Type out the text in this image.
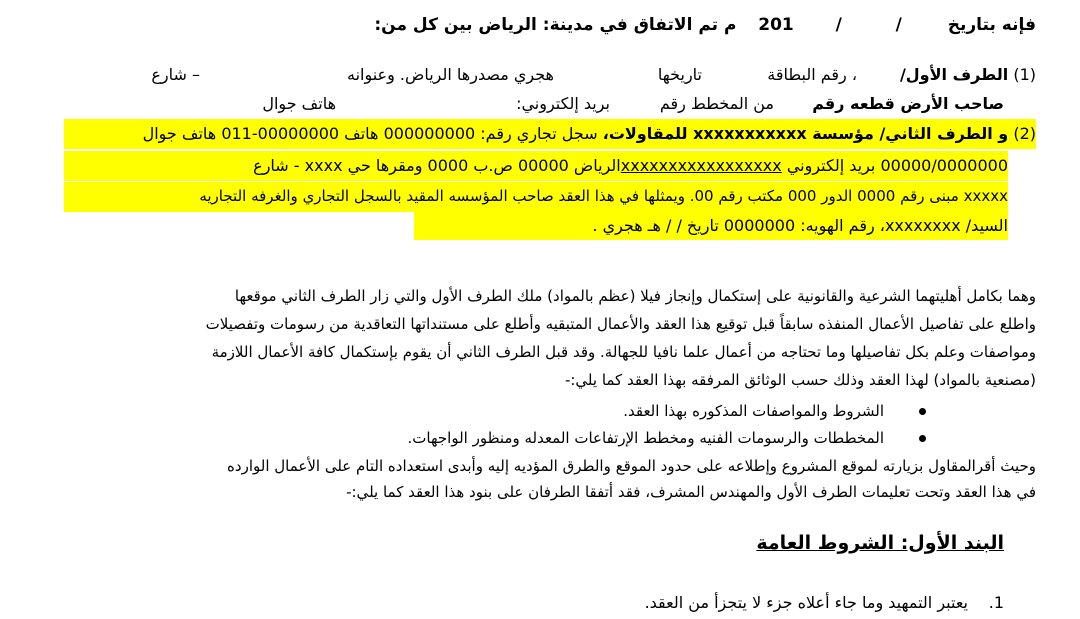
فإنه بتاريخ  /  /  201  م تم الاتفاق في مدينة: الرياض بين كل من:
(1) الطرف الأول/
، رقم البطاقة
تاريخها
هجري مصدرها الرياض. وعنوانه
– شارع
صاحب الأرض قطعه رقم
من المخطط رقم
بريد إلكتروني:
هاتف جوال
(2) و الطرف الثاني/ مؤسسة xxxxxxxxxxx للمقاولات، سجل تجاري رقم: 000000000 هاتف 00000000-011 هاتف جوال
00000/0000000 بريد إلكتروني xxxxxxxxxxxxxxxxxالرياض 00000 ص.ب 0000 ومقرها حي xxxx - شارع
xxxxx مبنى رقم 0000 الدور 000 مكتب رقم 00. ويمثلها في هذا العقد صاحب المؤسسه المقيد بالسجل التجاري والغرفه التجاريه
السيد/ xxxxxxxx، رقم الهويه: 0000000 تاريخ / / هـ هجري .
وهما بكامل أهليتهما الشرعية والقانونية على إستكمال وإنجاز فيلا (عظم بالمواد) ملك الطرف الأول والتي زار الطرف الثاني موقعها
واطلع على تفاصيل الأعمال المنفذه سابقاً قبل توقيع هذا العقد والأعمال المتبقيه وأطلع على مستنداتها التعاقدية من رسومات وتفصيلات
ومواصفات وعلم بكل تفاصيلها وما تحتاجه من أعمال علما نافيا للجهالة. وقد قبل الطرف الثاني أن يقوم بإستكمال كافة الأعمال اللازمة
(مصنعية بالمواد) لهذا العقد وذلك حسب الوثائق المرفقه بهذا العقد كما يلي:-
الشروط والمواصفات المذكوره بهذا العقد.
المخططات والرسومات الفنيه ومخطط الإرتفاعات المعدله ومنظور الواجهات.
وحيث أقرالمقاول بزيارته لموقع المشروع وإطلاعه على حدود الموقع والطرق المؤديه إليه وأبدى استعداده التام على الأعمال الوارده
في هذا العقد وتحت تعليمات الطرف الأول والمهندس المشرف، فقد أتفقا الطرفان على بنود هذا العقد كما يلي:-
البند الأول: الشروط العامة
1.
يعتبر التمهيد وما جاء أعلاه جزء لا يتجزأ من العقد.
